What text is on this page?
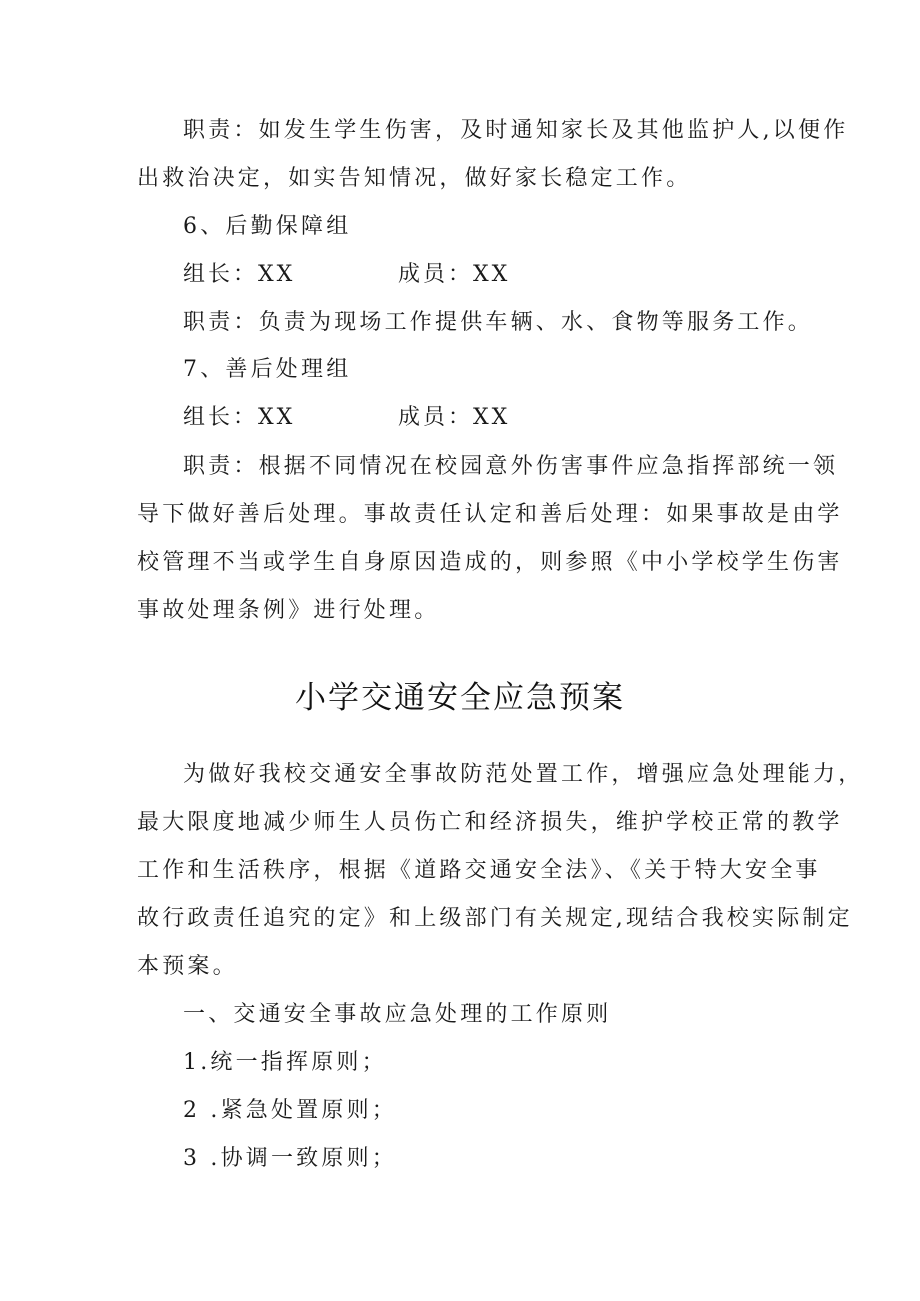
职责：如发生学生伤害，及时通知家长及其他监护人,以便作
出救治决定，如实告知情况，做好家长稳定工作。
6、后勤保障组
组长：XX	成员：XX
职责：负责为现场工作提供车辆、水、食物等服务工作。
7、善后处理组
组长：XX	成员：XX
职责：根据不同情况在校园意外伤害事件应急指挥部统一领
导下做好善后处理。事故责任认定和善后处理：如果事故是由学
校管理不当或学生自身原因造成的，则参照《中小学校学生伤害
事故处理条例》进行处理。
小学交通安全应急预案
为做好我校交通安全事故防范处置工作，增强应急处理能力，
最大限度地减少师生人员伤亡和经济损失，维护学校正常的教学
工作和生活秩序，根据《道路交通安全法》、《关于特大安全事
故行政责任追究的定》和上级部门有关规定,现结合我校实际制定
本预案。
一、交通安全事故应急处理的工作原则
1.统一指挥原则；
2 .紧急处置原则；
3 .协调一致原则；
